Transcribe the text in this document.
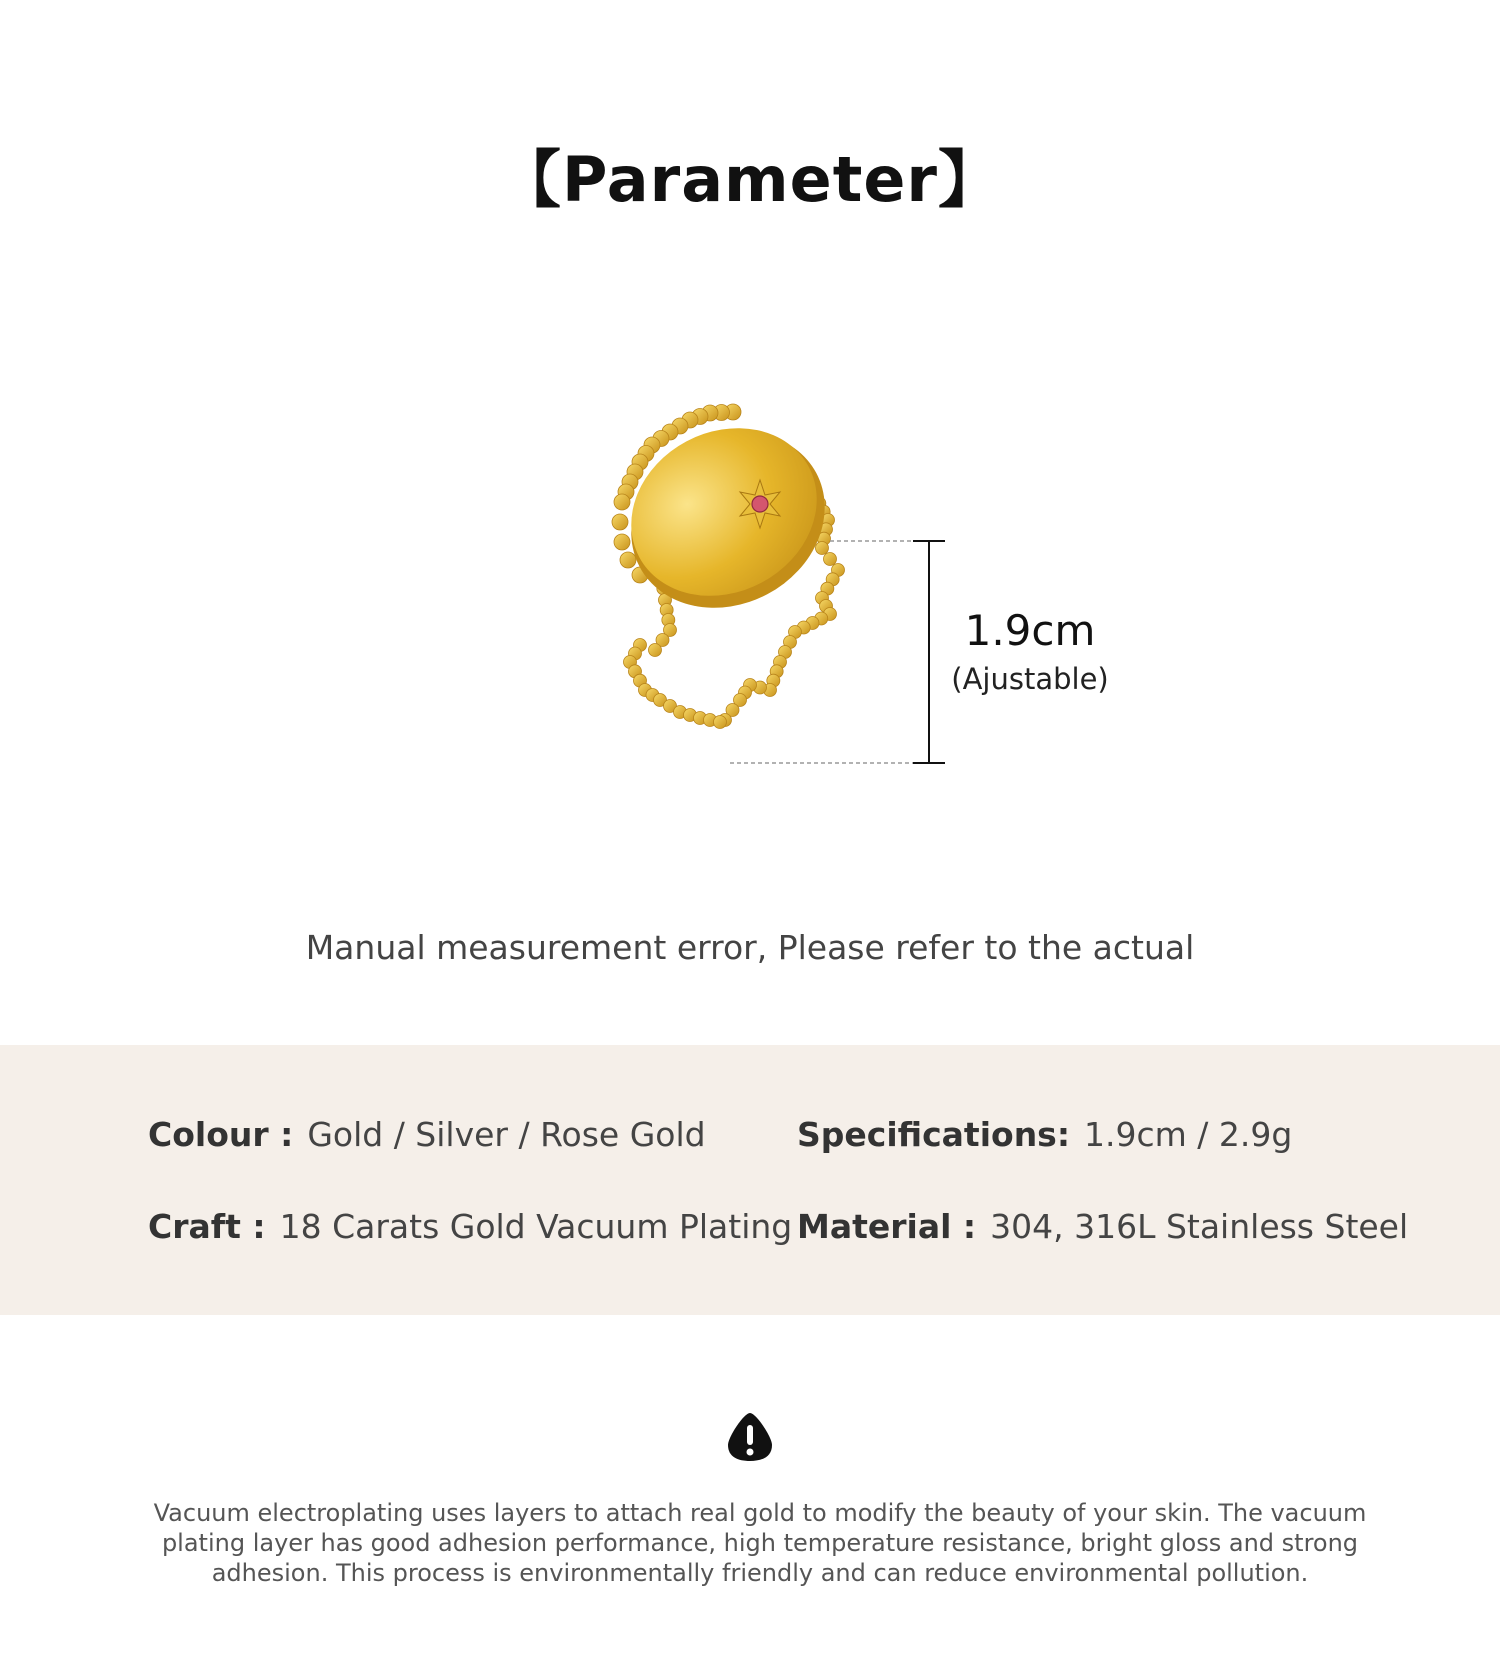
【Parameter】
1.9cm
(Ajustable)
Manual measurement error, Please refer to the actual
Colour : Gold / Silver / Rose Gold	Specifications: 1.9cm / 2.9g
Craft : 18 Carats Gold Vacuum Plating Material : 304, 316L Stainless Steel
Vacuum electroplating uses layers to attach real gold to modify the beauty of your skin. The vacuum plating layer has good adhesion performance, high temperature resistance, bright gloss and strong adhesion. This process is environmentally friendly and can reduce environmental pollution.
